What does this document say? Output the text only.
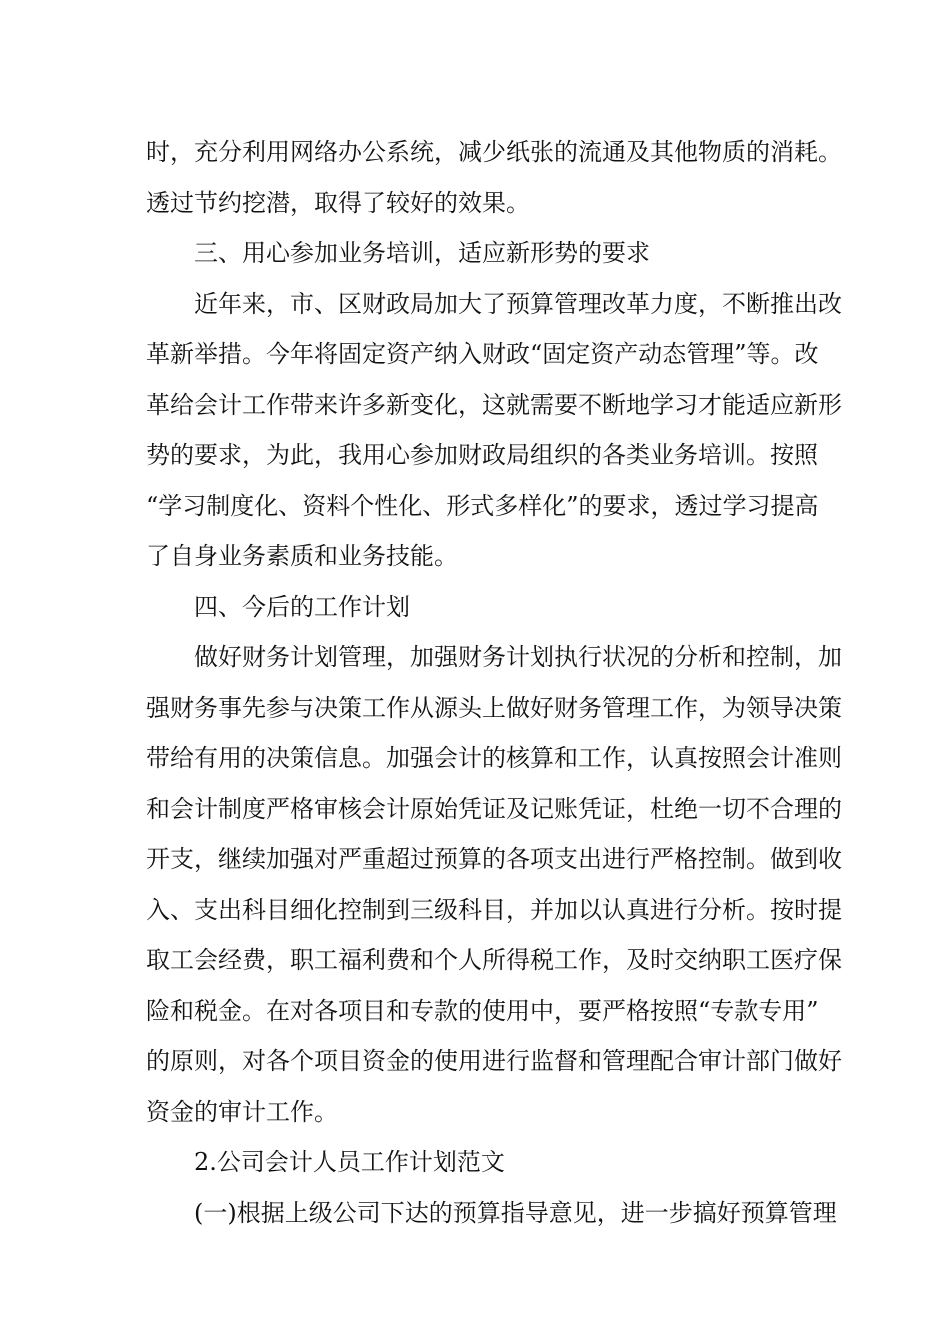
时，充分利用网络办公系统，减少纸张的流通及其他物质的消耗。
透过节约挖潜，取得了较好的效果。
三、用心参加业务培训，适应新形势的要求
近年来，市、区财政局加大了预算管理改革力度，不断推出改
革新举措。今年将固定资产纳入财政“固定资产动态管理”等。改
革给会计工作带来许多新变化，这就需要不断地学习才能适应新形
势的要求，为此，我用心参加财政局组织的各类业务培训。按照
“学习制度化、资料个性化、形式多样化”的要求，透过学习提高
了自身业务素质和业务技能。
四、今后的工作计划
做好财务计划管理，加强财务计划执行状况的分析和控制，加
强财务事先参与决策工作从源头上做好财务管理工作，为领导决策
带给有用的决策信息。加强会计的核算和工作，认真按照会计准则
和会计制度严格审核会计原始凭证及记账凭证，杜绝一切不合理的
开支，继续加强对严重超过预算的各项支出进行严格控制。做到收
入、支出科目细化控制到三级科目，并加以认真进行分析。按时提
取工会经费，职工福利费和个人所得税工作，及时交纳职工医疗保
险和税金。在对各项目和专款的使用中，要严格按照“专款专用”
的原则，对各个项目资金的使用进行监督和管理配合审计部门做好
资金的审计工作。
2.公司会计人员工作计划范文
(一)根据上级公司下达的预算指导意见，进一步搞好预算管理
